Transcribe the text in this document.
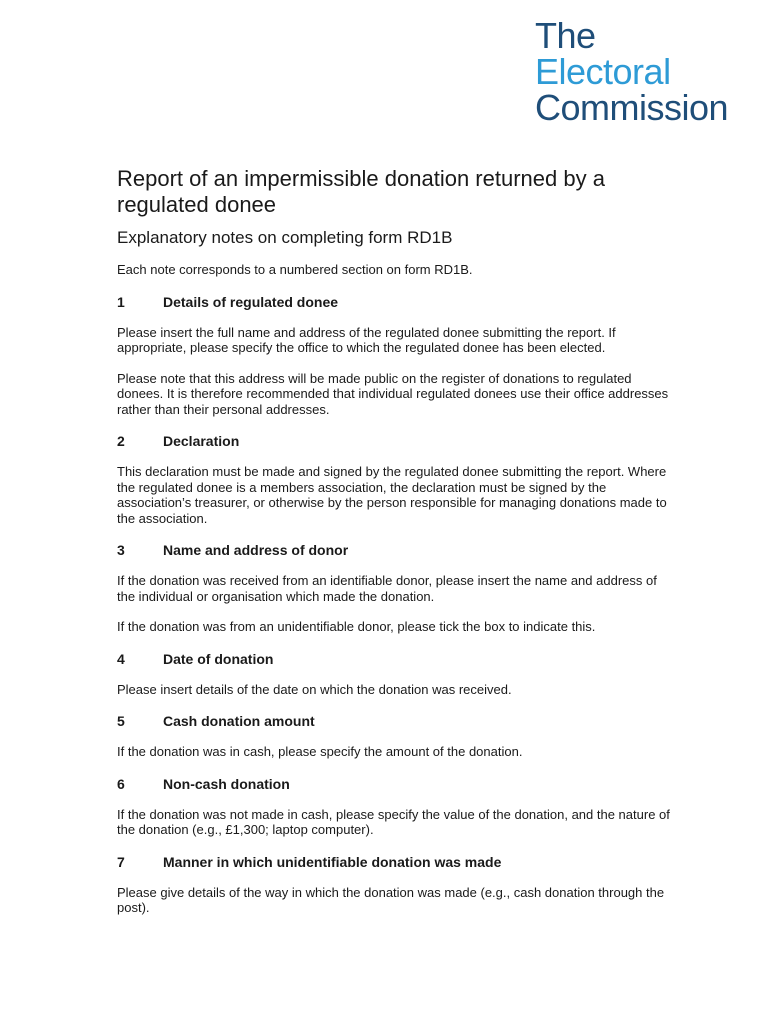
The
Electoral
Commission
Report of an impermissible donation returned by a regulated donee
Explanatory notes on completing form RD1B

Each note corresponds to a numbered section on form RD1B.

1	Details of regulated donee

Please insert the full name and address of the regulated donee submitting the report. If appropriate, please specify the office to which the regulated donee has been elected.

Please note that this address will be made public on the register of donations to regulated donees. It is therefore recommended that individual regulated donees use their office addresses rather than their personal addresses.

2	Declaration

This declaration must be made and signed by the regulated donee submitting the report. Where the regulated donee is a members association, the declaration must be signed by the association’s treasurer, or otherwise by the person responsible for managing donations made to the association.

3	Name and address of donor

If the donation was received from an identifiable donor, please insert the name and address of the individual or organisation which made the donation.

If the donation was from an unidentifiable donor, please tick the box to indicate this.

4	Date of donation

Please insert details of the date on which the donation was received.

5	Cash donation amount

If the donation was in cash, please specify the amount of the donation.

6	Non-cash donation

If the donation was not made in cash, please specify the value of the donation, and the nature of the donation (e.g., £1,300; laptop computer).

7	Manner in which unidentifiable donation was made

Please give details of the way in which the donation was made (e.g., cash donation through the post).
